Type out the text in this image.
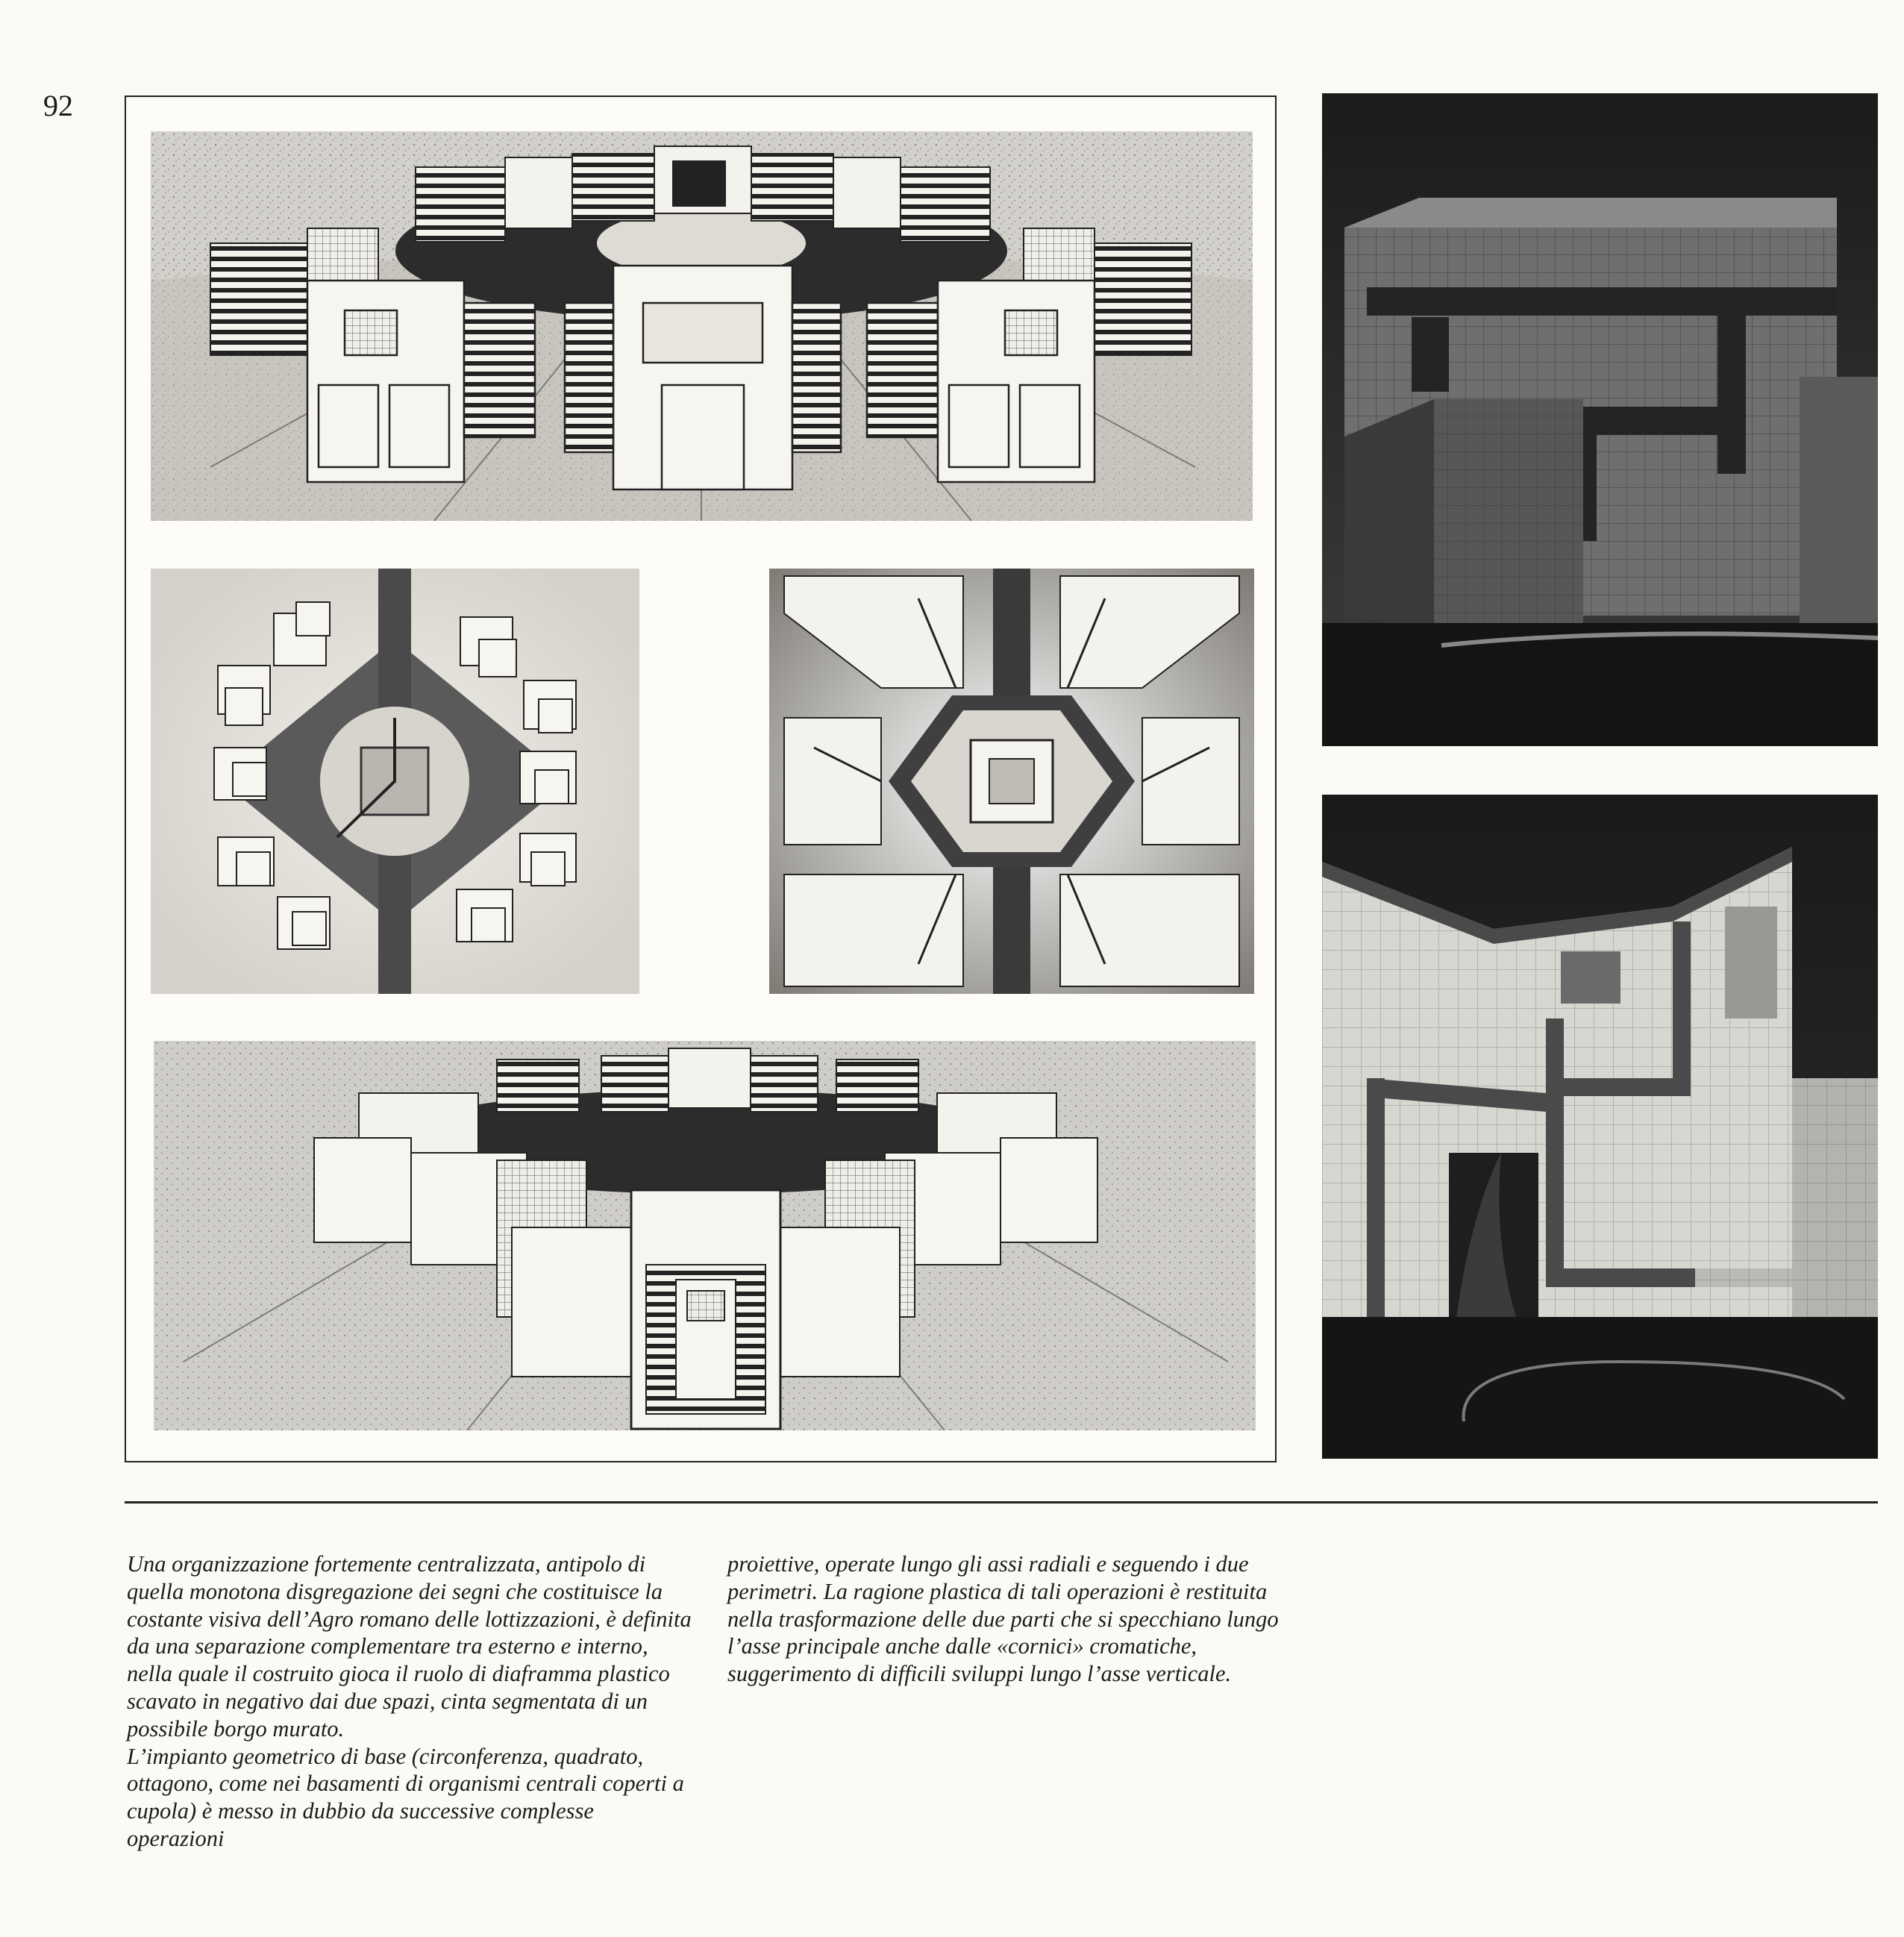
92

Una organizzazione fortemente centralizzata, antipolo di quella monotona disgregazione dei segni che costituisce la costante visiva dell’Agro romano delle lottizzazioni, è definita da una separazione complementare tra esterno e interno, nella quale il costruito gioca il ruolo di diaframma plastico scavato in negativo dai due spazi, cinta segmentata di un possibile borgo murato.

L’impianto geometrico di base (circonferenza, quadrato, ottagono, come nei basamenti di organismi centrali coperti a cupola) è messo in dubbio da successive complesse operazioni

proiettive, operate lungo gli assi radiali e seguendo i due perimetri. La ragione plastica di tali operazioni è restituita nella trasformazione delle due parti che si specchiano lungo l’asse principale anche dalle «cornici» cromatiche, suggerimento di difficili sviluppi lungo l’asse verticale.
